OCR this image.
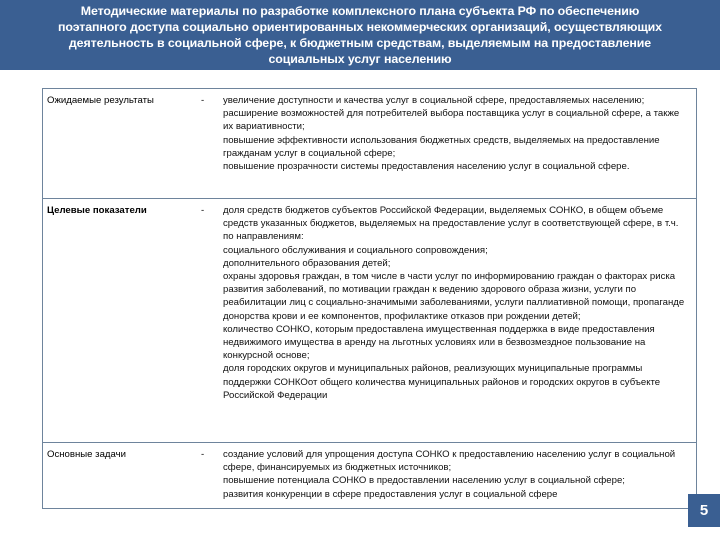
Методические материалы по разработке комплексного плана субъекта РФ по обеспечению
поэтапного доступа социально ориентированных некоммерческих организаций, осуществляющих
деятельность в социальной сфере, к бюджетным средствам, выделяемым на предоставление
социальных услуг населению
Ожидаемые результаты	-	увеличение доступности и качества услуг в социальной сфере, предоставляемых населению;
расширение возможностей для потребителей выбора поставщика услуг в социальной сфере, а также их вариативности;
повышение эффективности использования бюджетных средств, выделяемых на предоставление гражданам услуг в социальной сфере;
повышение прозрачности системы предоставления населению услуг в социальной сфере.
Целевые показатели	-	доля средств бюджетов субъектов Российской Федерации, выделяемых СОНКО, в общем объеме средств указанных бюджетов, выделяемых на предоставление услуг в соответствующей сфере, в т.ч. по направлениям:
социального обслуживания и социального сопровождения;
дополнительного образования детей;
охраны здоровья граждан, в том числе в части услуг по информированию граждан о факторах риска развития заболеваний, по мотивации граждан к ведению здорового образа жизни, услуги по реабилитации лиц с социально-значимыми заболеваниями, услуги паллиативной помощи, пропаганде донорства крови и ее компонентов, профилактике отказов при рождении детей;
количество СОНКО, которым предоставлена имущественная поддержка в виде предоставления недвижимого имущества в аренду на льготных условиях или в безвозмездное пользование на конкурсной основе;
доля городских округов и муниципальных районов, реализующих муниципальные программы поддержки СОНКОот общего количества муниципальных районов и городских округов в субъекте Российской Федерации
Основные задачи	-	создание условий для упрощения доступа СОНКО к предоставлению населению услуг в социальной сфере, финансируемых из бюджетных источников;
повышение потенциала СОНКО в предоставлении населению услуг в социальной сфере;
развития конкуренции в сфере предоставления услуг в социальной сфере
5
